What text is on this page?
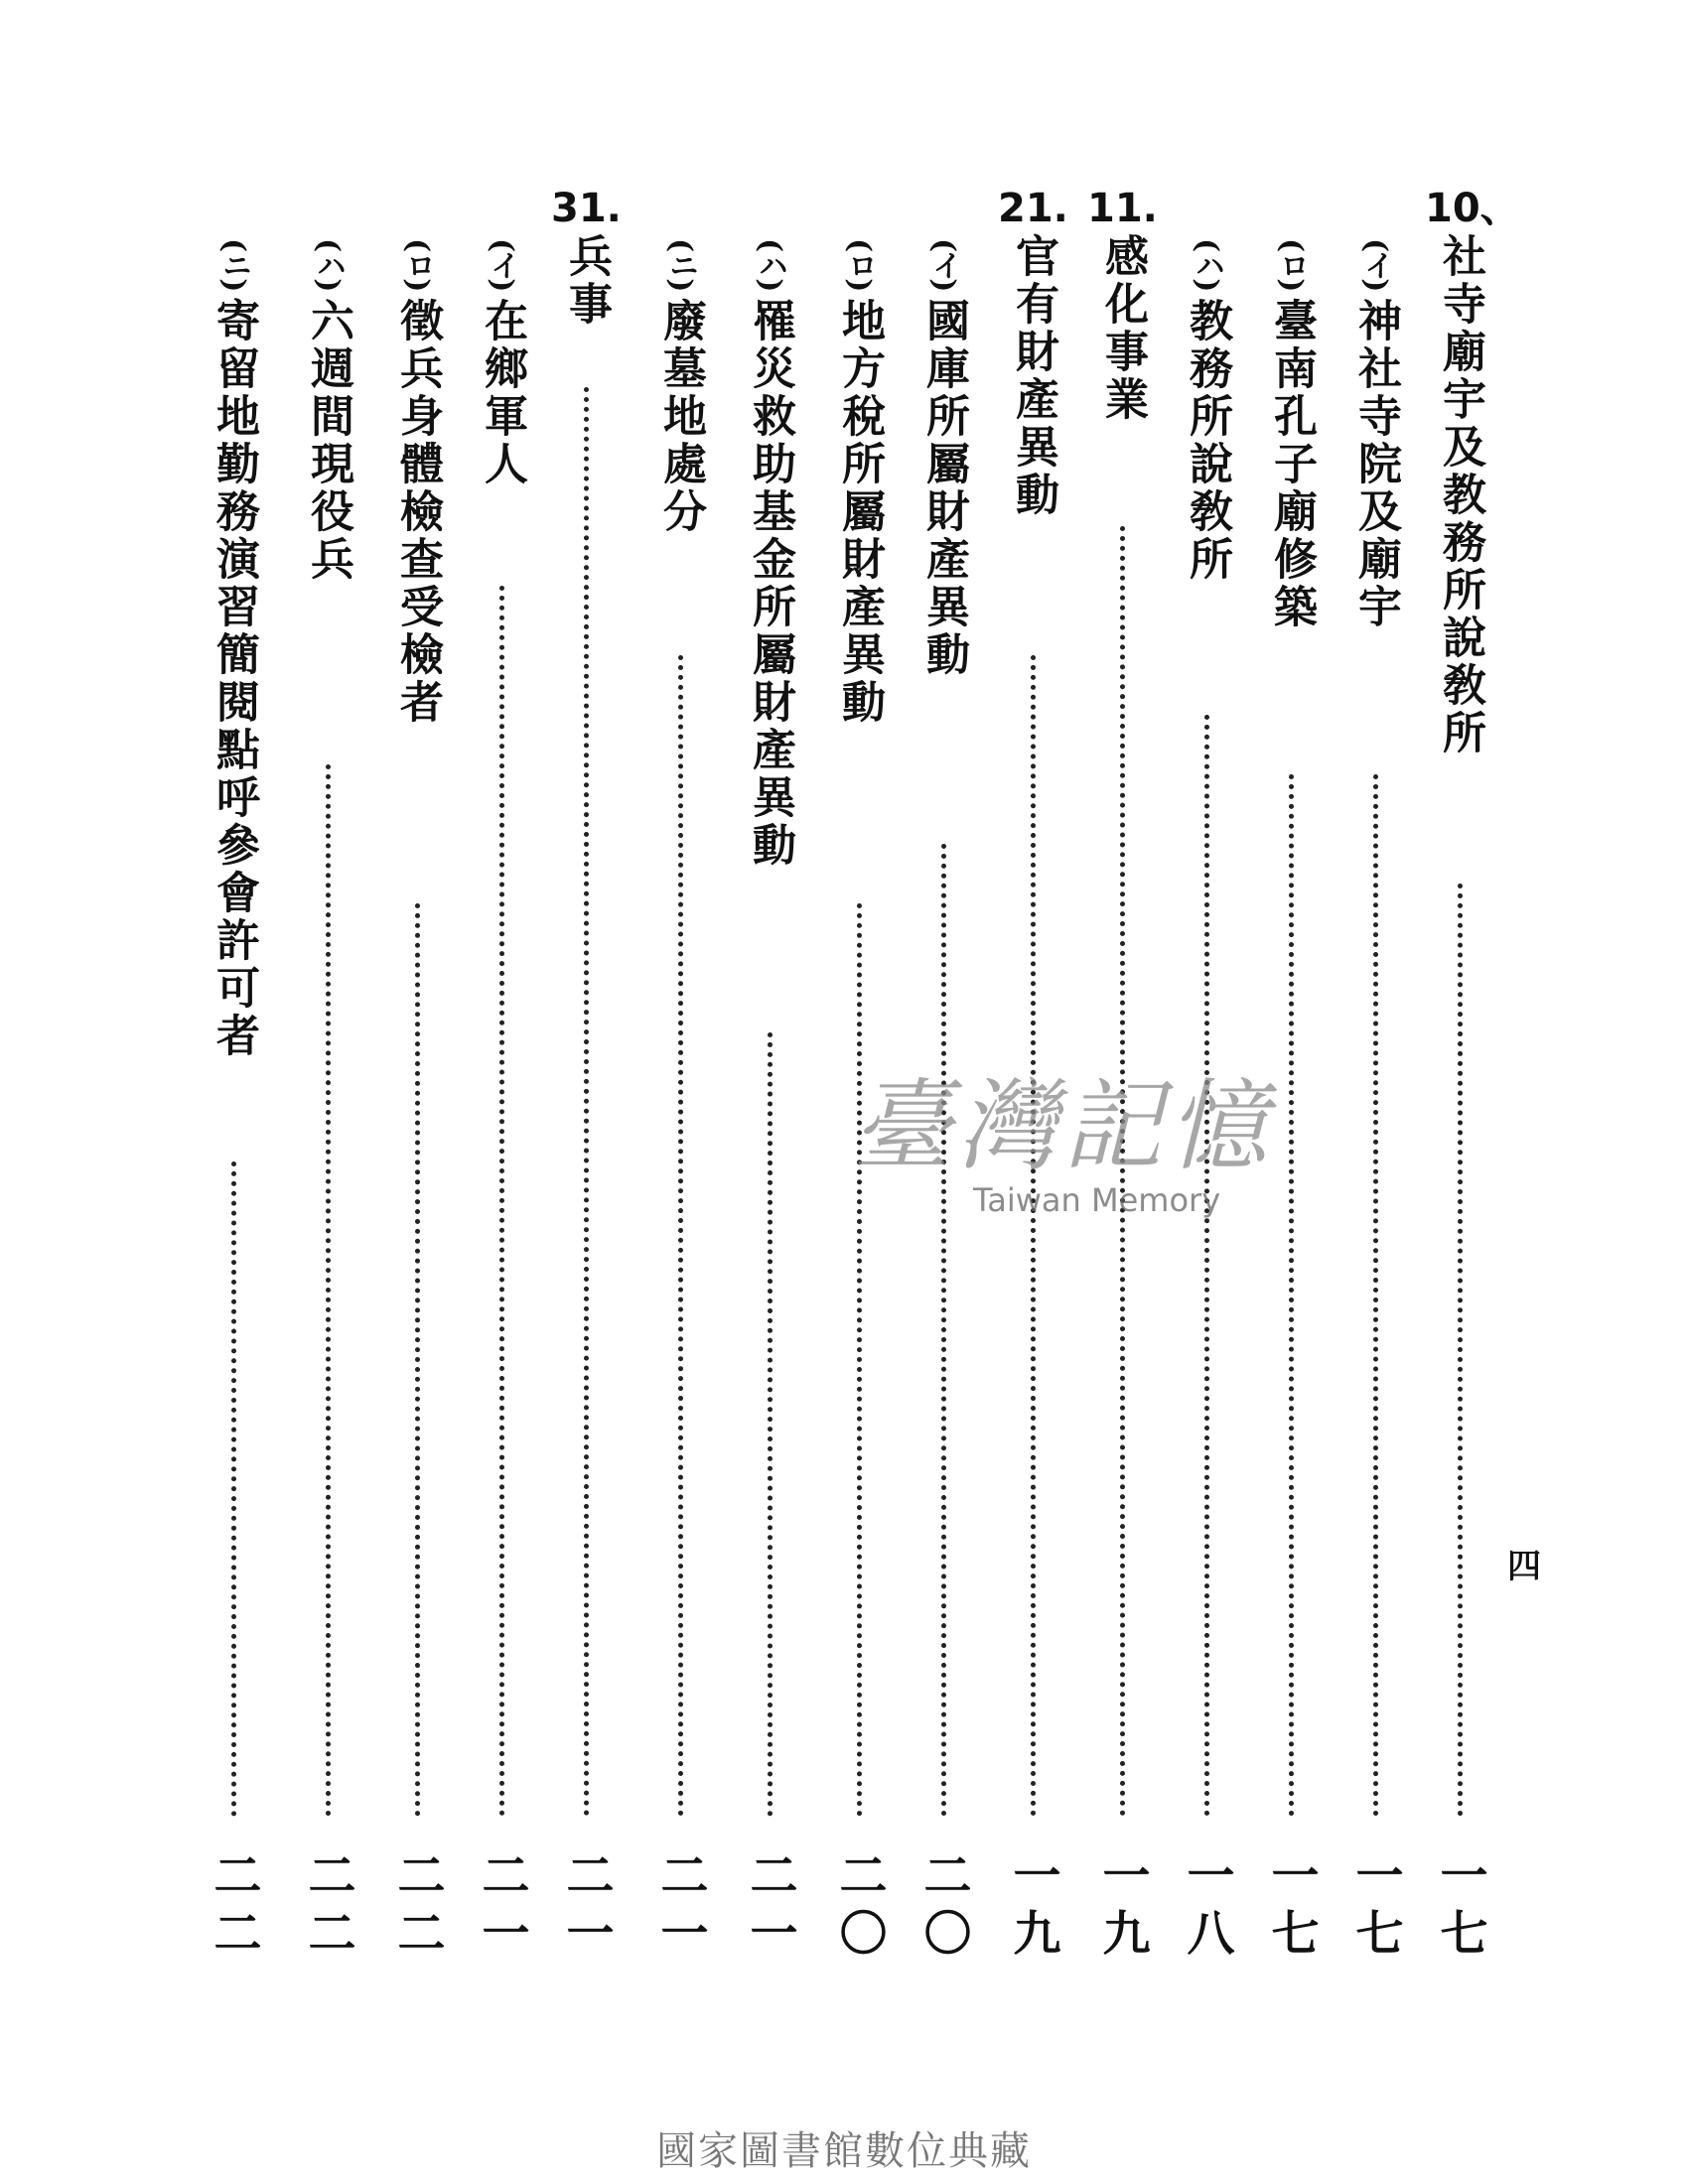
10、
社寺廟宇及教務所說敎所
一七
(イ)
神社寺院及廟宇
一七
(ロ)
臺南孔子廟修築
一七
(ハ)
教務所說敎所
一八
11.
感化事業
一九
21.
官有財產異動
一九
(イ)
國庫所屬財產異動
二〇
(ロ)
地方稅所屬財產異動
二〇
(ハ)
罹災救助基金所屬財產異動
二一
(ニ)
廢墓地處分
二一
31.
兵事
二一
(イ)
在鄉軍人
二一
(ロ)
徵兵身體檢查受檢者
二二
(ハ)
六週間現役兵
二二
(ニ)
寄留地勤務演習簡閱點呼參會許可者
二二
四
臺灣記憶
Taiwan Memory
國家圖書館數位典藏
